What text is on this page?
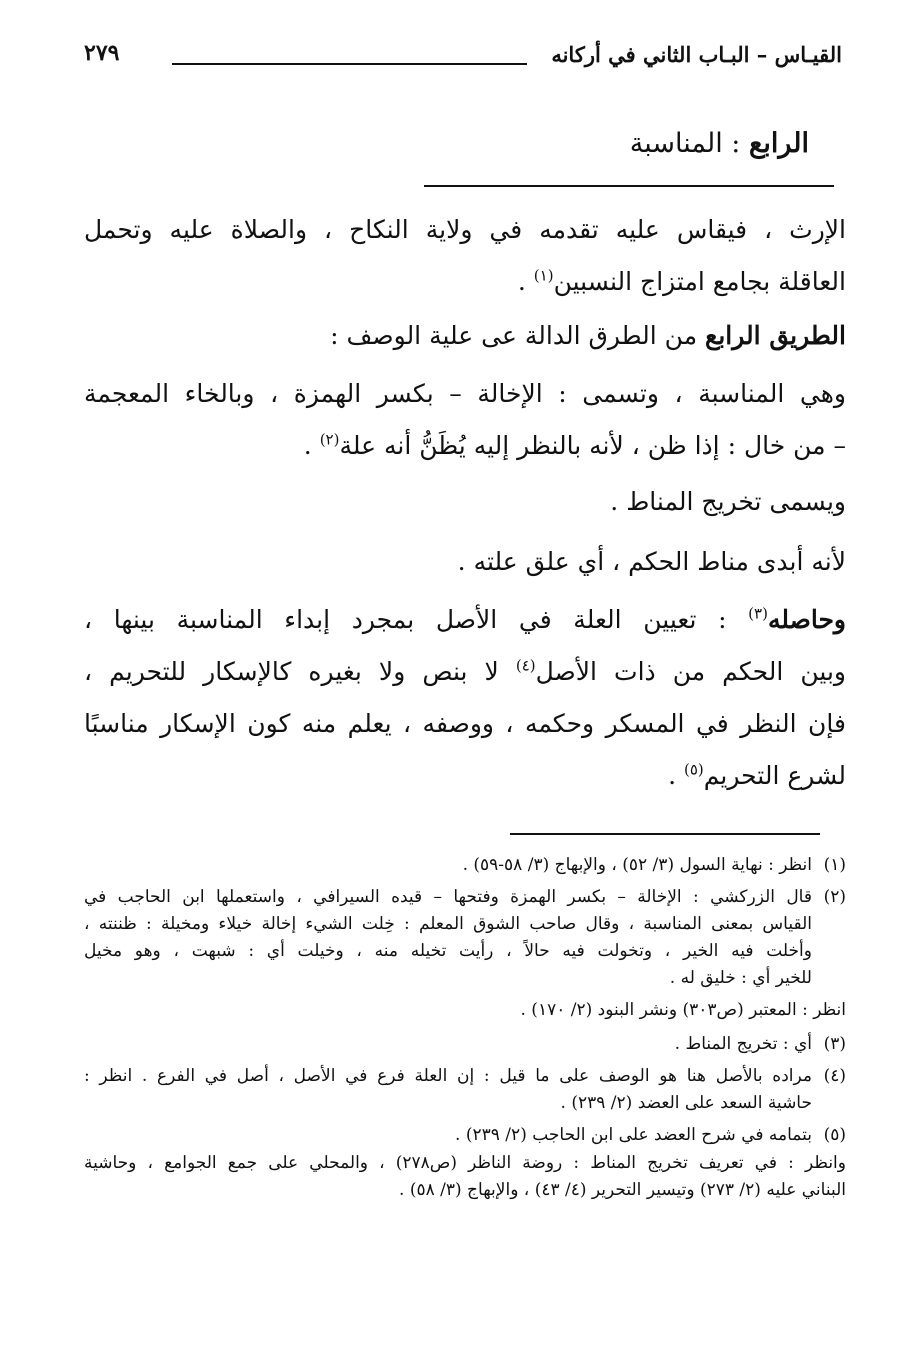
القيـاس – البـاب الثاني في أركانه
٢٧٩
الرابع : المناسبة

الإرث ، فيقاس عليه تقدمه في ولاية النكاح ، والصلاة عليه وتحمل

العاقلة بجامع امتزاج النسبين$^{(١)}$ .

الطريق الرابع من الطرق الدالة عى علية الوصف :

وهي المناسبة ، وتسمى : الإخالة – بكسر الهمزة ، وبالخاء المعجمة

– من خال : إذا ظن ، لأنه بالنظر إليه يُظَنُّ أنه علة$^{(٢)}$ .

ويسمى تخريج المناط .

لأنه أبدى مناط الحكم ، أي علق علته .

وحاصله$^{(٣)}$ : تعيين العلة في الأصل بمجرد إبداء المناسبة بينها ،

وبين الحكم من ذات الأصل$^{(٤)}$ لا بنص ولا بغيره كالإسكار للتحريم ،

فإن النظر في المسكر وحكمه ، ووصفه ، يعلم منه كون الإسكار مناسبًا

لشرع التحريم$^{(٥)}$ .

(١)
انظر : نهاية السول (٣/ ٥٢) ، والإبهاج (٣/ ٥٨-٥٩) .
(٢)
قال الزركشي : الإخالة – بكسر الهمزة وفتحها – قيده السيرافي ، واستعملها ابن الحاجب في
القياس بمعنى المناسبة ، وقال صاحب الشوق المعلم : خِلت الشيء إخالة خيلاء ومخيلة : ظننته ،
وأخلت فيه الخير ، وتخولت فيه حالاً ، رأيت تخيله منه ، وخيلت أي : شبهت ، وهو مخيل
للخير أي : خليق له .
انظر : المعتبر (ص٣٠٣) ونشر البنود (٢/ ١٧٠) .
(٣)
أي : تخريج المناط .
(٤)
مراده بالأصل هنا هو الوصف على ما قيل : إن العلة فرع في الأصل ، أصل في الفرع . انظر :
حاشية السعد على العضد (٢/ ٢٣٩) .
(٥)
بتمامه في شرح العضد على ابن الحاجب (٢/ ٢٣٩) .
وانظر : في تعريف تخريج المناط : روضة الناظر (ص٢٧٨) ، والمحلي على جمع الجوامع ، وحاشية
البناني عليه (٢/ ٢٧٣) وتيسير التحرير (٤/ ٤٣) ، والإبهاج (٣/ ٥٨) .
